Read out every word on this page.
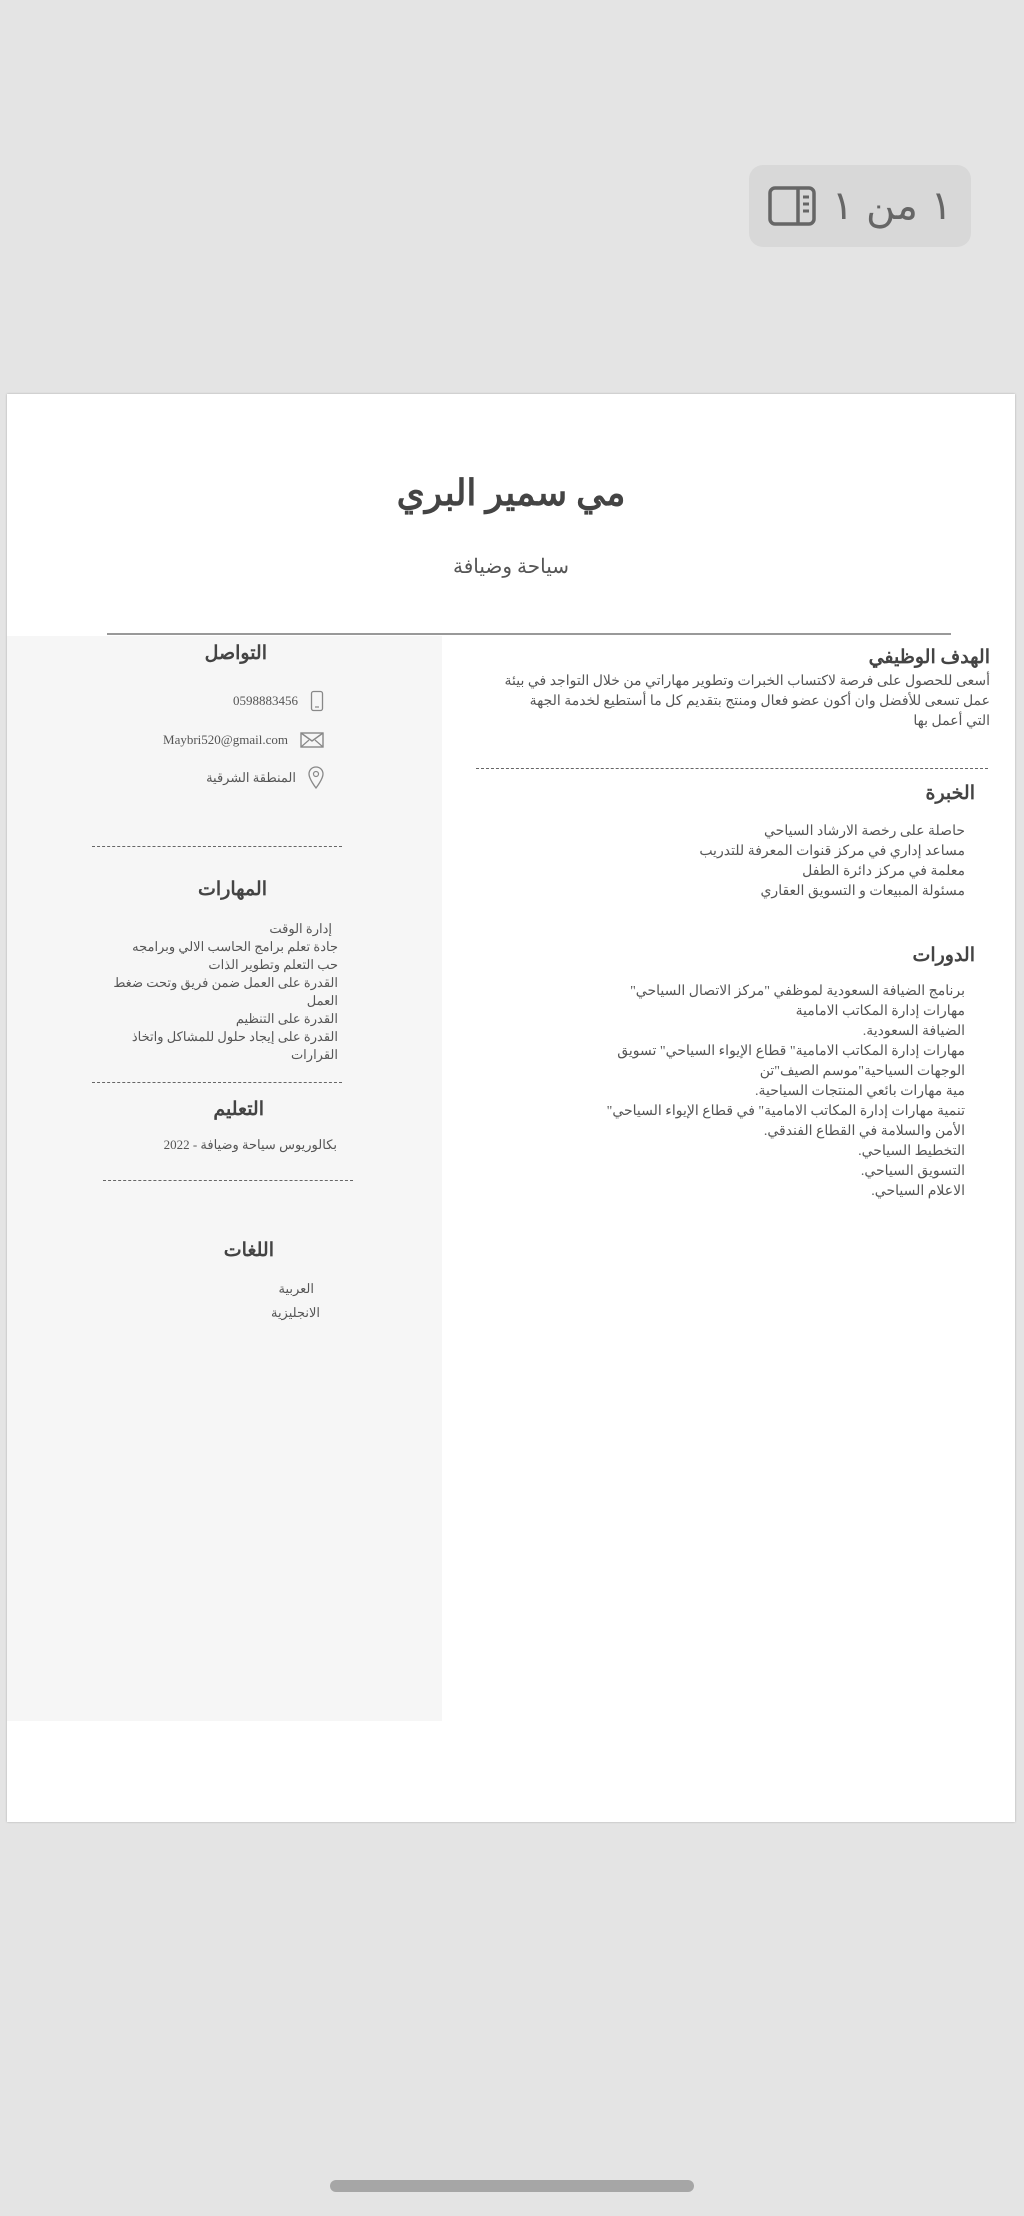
١ من ١
مي سمير البري
سياحة وضيافة
التواصل
0598883456
Maybri520@gmail.com
المنطقة الشرقية
المهارات
إدارة الوقت
جادة تعلم برامج الحاسب الالي وبرامجه
حب التعلم وتطوير الذات
القدرة على العمل ضمن فريق وتحت ضغط
العمل
القدرة على التنظيم
القدرة على إيجاد حلول للمشاكل واتخاذ
القرارات
التعليم
بكالوريوس سياحة وضيافة - 2022
اللغات
العربية
الانجليزية
الهدف الوظيفي
أسعى للحصول على فرصة لاكتساب الخبرات وتطوير مهاراتي من خلال التواجد في بيئة
عمل تسعى للأفضل وان أكون عضو فعال ومنتج بتقديم كل ما أستطيع لخدمة الجهة
التي أعمل بها
الخبرة
حاصلة على رخصة الارشاد السياحي
مساعد إداري في مركز قنوات المعرفة للتدريب
معلمة في مركز دائرة الطفل
مسئولة المبيعات و التسويق العقاري
الدورات
برنامج الضيافة السعودية لموظفي "مركز الاتصال السياحي"
مهارات إدارة المكاتب الامامية
الضيافة السعودية.
مهارات إدارة المكاتب الامامية" قطاع الإيواء السياحي" تسويق
الوجهات السياحية"موسم الصيف"تن
مية مهارات بائعي المنتجات السياحية.
تنمية مهارات إدارة المكاتب الامامية" في قطاع الإيواء السياحي"
الأمن والسلامة في القطاع الفندقي.
التخطيط السياحي.
التسويق السياحي.
الاعلام السياحي.
